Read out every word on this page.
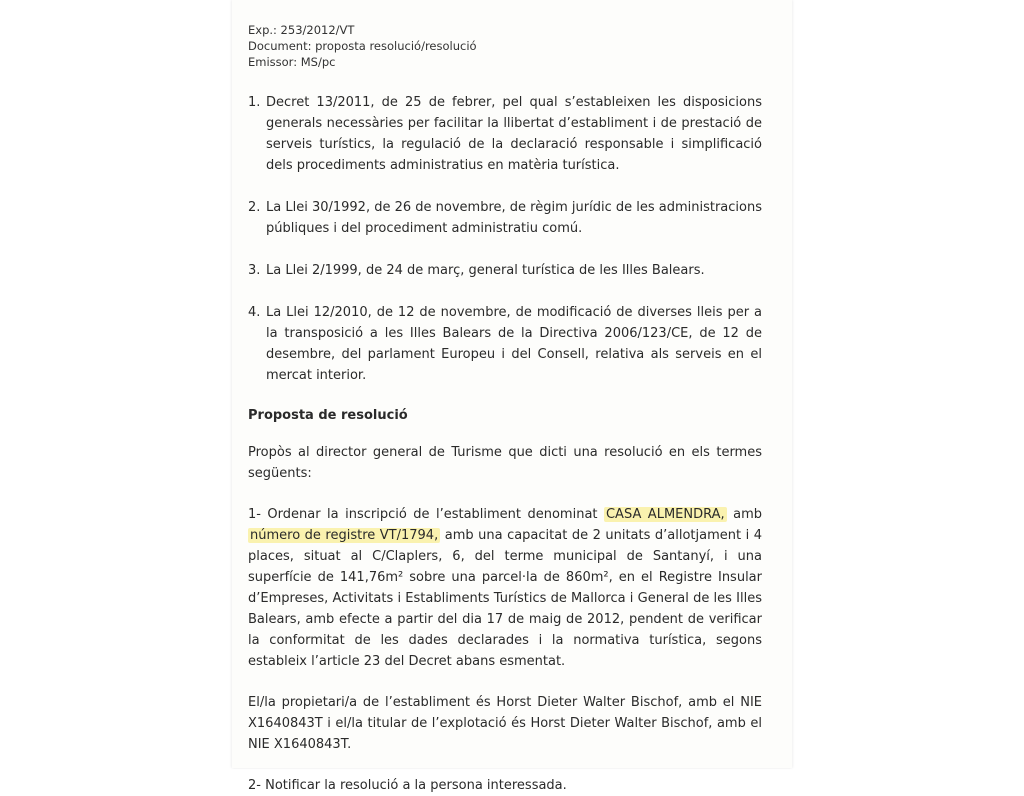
Exp.: 253/2012/VT
Document: proposta resolució/resolució
Emissor: MS/pc
1. Decret 13/2011, de 25 de febrer, pel qual s’estableixen les disposicions generals necessàries per facilitar la llibertat d’establiment i de prestació de serveis turístics, la regulació de la declaració responsable i simplificació dels procediments administratius en matèria turística.
2. La Llei 30/1992, de 26 de novembre, de règim jurídic de les administracions públiques i del procediment administratiu comú.
3. La Llei 2/1999, de 24 de març, general turística de les Illes Balears.
4. La Llei 12/2010, de 12 de novembre, de modificació de diverses lleis per a la transposició a les Illes Balears de la Directiva 2006/123/CE, de 12 de desembre, del parlament Europeu i del Consell, relativa als serveis en el mercat interior.
Proposta de resolució
Propòs al director general de Turisme que dicti una resolució en els termes següents:
1- Ordenar la inscripció de l’establiment denominat CASA ALMENDRA, amb número de registre VT/1794, amb una capacitat de 2 unitats d’allotjament i 4 places, situat al C/Claplers, 6, del terme municipal de Santanyí, i una superfície de 141,76m² sobre una parcel·la de 860m², en el Registre Insular d’Empreses, Activitats i Establiments Turístics de Mallorca i General de les Illes Balears, amb efecte a partir del dia 17 de maig de 2012, pendent de verificar la conformitat de les dades declarades i la normativa turística, segons estableix l’article 23 del Decret abans esmentat.
El/la propietari/a de l’establiment és Horst Dieter Walter Bischof, amb el NIE X1640843T i el/la titular de l’explotació és Horst Dieter Walter Bischof, amb el NIE X1640843T.
2- Notificar la resolució a la persona interessada.
